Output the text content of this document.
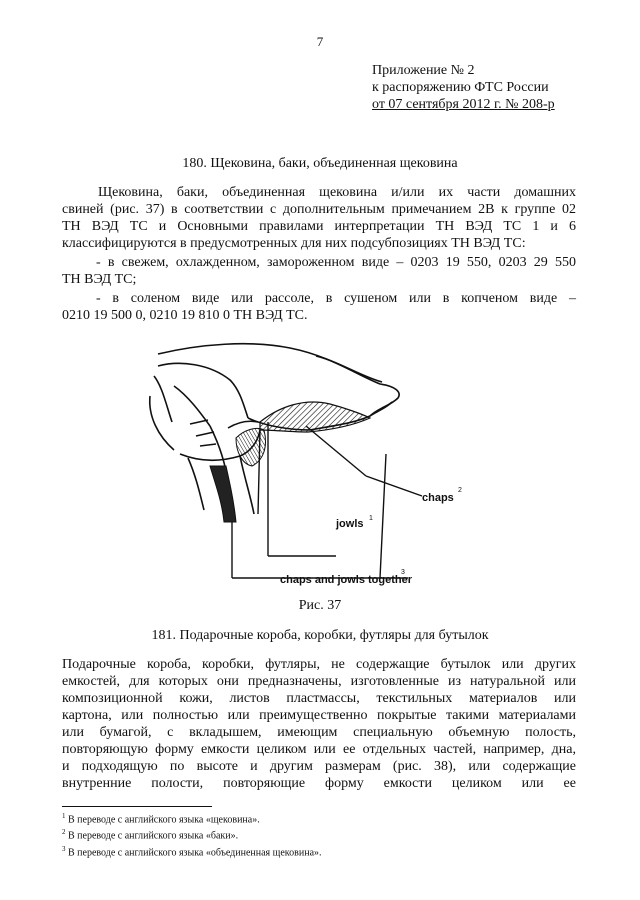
7
Приложение № 2
к распоряжению ФТС России
от 07 сентября 2012 г. № 208-р
180. Щековина, баки, объединенная щековина
Щековина, баки, объединенная щековина и/или их части домашних
свиней (рис. 37) в соответствии с дополнительным примечанием 2В к группе 02
ТН ВЭД ТС и Основными правилами интерпретации ТН ВЭД ТС 1 и 6
классифицируются в предусмотренных для них подсубпозициях ТН ВЭД ТС:
- в свежем, охлажденном, замороженном виде – 0203 19 550, 0203 29 550
ТН ВЭД ТС;
- в соленом виде или рассоле, в сушеном или в копченом виде –
0210 19 500 0, 0210 19 810 0 ТН ВЭД ТС.
chaps
2
jowls 1
chaps and jowls together
3
Рис. 37
181. Подарочные короба, коробки, футляры для бутылок
Подарочные короба, коробки, футляры, не содержащие бутылок или других
емкостей, для которых они предназначены, изготовленные из натуральной или
композиционной кожи, листов пластмассы, текстильных материалов или
картона, или полностью или преимущественно покрытые такими материалами
или бумагой, с вкладышем, имеющим специальную объемную полость,
повторяющую форму емкости целиком или ее отдельных частей, например, дна,
и подходящую по высоте и другим размерам (рис. 38), или содержащие
внутренние полости, повторяющие форму емкости целиком или ее
$^1$ В переводе с английского языка «щековина».
$^2$ В переводе с английского языка «баки».
$^3$ В переводе с английского языка «объединенная щековина».
